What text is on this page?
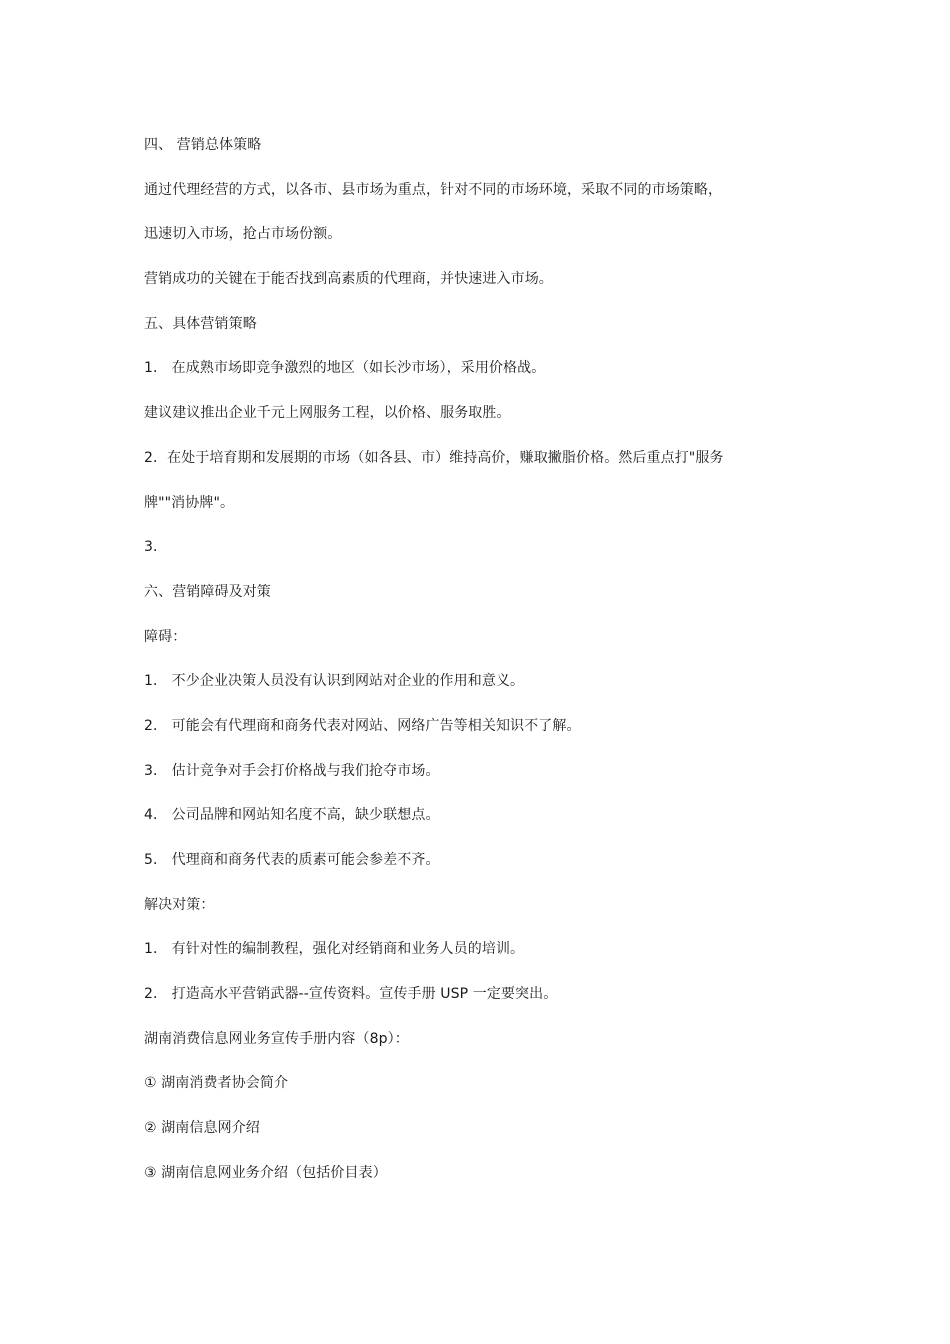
四、 营销总体策略
通过代理经营的方式，以各市、县市场为重点，针对不同的市场环境，采取不同的市场策略，
迅速切入市场，抢占市场份额。
营销成功的关键在于能否找到高素质的代理商，并快速进入市场。
五、具体营销策略
1． 在成熟市场即竞争激烈的地区（如长沙市场），采用价格战。
建议建议推出企业千元上网服务工程，以价格、服务取胜。
2．在处于培育期和发展期的市场（如各县、市）维持高价，赚取撇脂价格。然后重点打"服务
牌""消协牌"。
3．
六、营销障碍及对策
障碍：
1． 不少企业决策人员没有认识到网站对企业的作用和意义。
2． 可能会有代理商和商务代表对网站、网络广告等相关知识不了解。
3． 估计竞争对手会打价格战与我们抢夺市场。
4． 公司品牌和网站知名度不高，缺少联想点。
5． 代理商和商务代表的质素可能会参差不齐。
解决对策：
1． 有针对性的编制教程，强化对经销商和业务人员的培训。
2． 打造高水平营销武器--宣传资料。宣传手册 USP 一定要突出。
湖南消费信息网业务宣传手册内容（8p）：
① 湖南消费者协会简介
② 湖南信息网介绍
③ 湖南信息网业务介绍（包括价目表）
